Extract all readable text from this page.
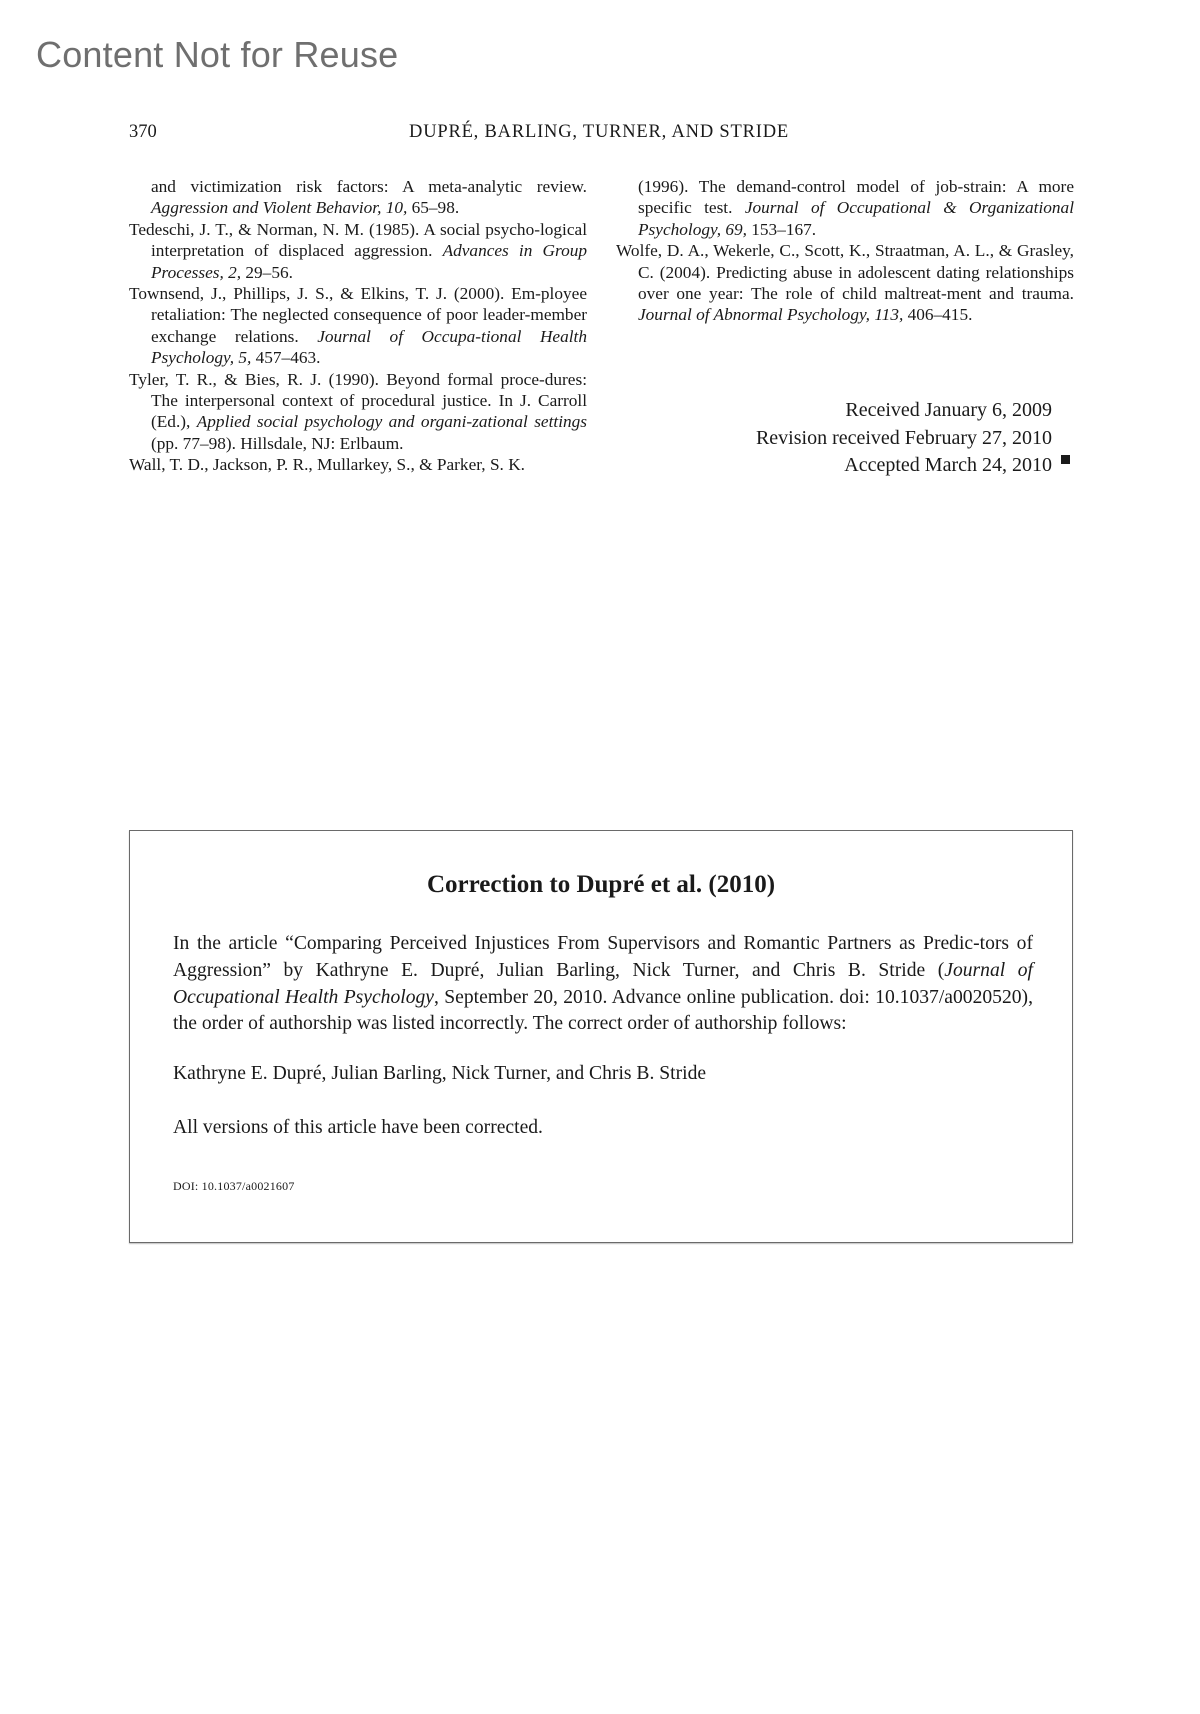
Content Not for Reuse
370	DUPRÉ, BARLING, TURNER, AND STRIDE

and victimization risk factors: A meta-analytic review. Aggression and Violent Behavior, 10, 65–98.

Tedeschi, J. T., & Norman, N. M. (1985). A social psycho-logical interpretation of displaced aggression. Advances in Group Processes, 2, 29–56.

Townsend, J., Phillips, J. S., & Elkins, T. J. (2000). Em-ployee retaliation: The neglected consequence of poor leader-member exchange relations. Journal of Occupa-tional Health Psychology, 5, 457–463.

Tyler, T. R., & Bies, R. J. (1990). Beyond formal proce-dures: The interpersonal context of procedural justice. In J. Carroll (Ed.), Applied social psychology and organi-zational settings (pp. 77–98). Hillsdale, NJ: Erlbaum.

Wall, T. D., Jackson, P. R., Mullarkey, S., & Parker, S. K.

(1996). The demand-control model of job-strain: A more specific test. Journal of Occupational & Organizational Psychology, 69, 153–167.

Wolfe, D. A., Wekerle, C., Scott, K., Straatman, A. L., & Grasley, C. (2004). Predicting abuse in adolescent dating relationships over one year: The role of child maltreat-ment and trauma. Journal of Abnormal Psychology, 113, 406–415.

Received January 6, 2009
Revision received February 27, 2010
Accepted March 24, 2010
Correction to Dupré et al. (2010)

In the article “Comparing Perceived Injustices From Supervisors and Romantic Partners as Predic-tors of Aggression” by Kathryne E. Dupré, Julian Barling, Nick Turner, and Chris B. Stride (Journal of Occupational Health Psychology, September 20, 2010. Advance online publication. doi: 10.1037/a0020520), the order of authorship was listed incorrectly. The correct order of authorship follows:

Kathryne E. Dupré, Julian Barling, Nick Turner, and Chris B. Stride
All versions of this article have been corrected.
DOI: 10.1037/a0021607
